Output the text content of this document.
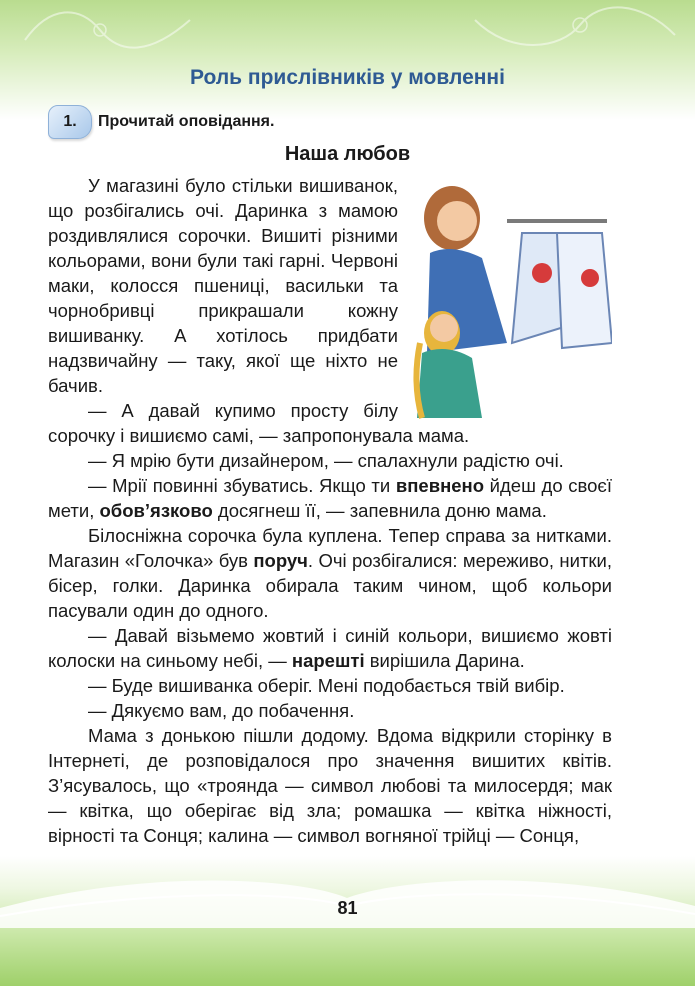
Роль прислівників у мовленні
1.	Прочитай оповідання.
Наша любов

У магазині було стільки вишиванок, що розбігались очі. Даринка з мамою роздивлялися сорочки. Вишиті різними кольорами, вони були такі гарні. Червоні маки, колосся пшениці, васильки та чорнобривці прикрашали кожну вишиванку. А хотілось придбати надзвичайну — таку, якої ще ніхто не бачив.

— А давай купимо просту білу сорочку і вишиємо самі, — запропонувала мама.

— Я мрію бути дизайнером, — спалахнули радістю очі.

— Мрії повинні збуватись. Якщо ти впевнено йдеш до своєї мети, обов’язково досягнеш її, — запевнила доню мама.

Білосніжна сорочка була куплена. Тепер справа за нитками. Магазин «Голочка» був поруч. Очі розбігалися: мереживо, нитки, бісер, голки. Даринка обирала таким чином, щоб кольори пасували один до одного.

— Давай візьмемо жовтий і синій кольори, вишиємо жовті колоски на синьому небі, — нарешті вирішила Дарина.

— Буде вишиванка оберіг. Мені подобається твій вибір.

— Дякуємо вам, до побачення.

Мама з донькою пішли додому. Вдома відкрили сторінку в Інтернеті, де розповідалося про значення вишитих квітів. З’ясувалось, що «троянда — символ любові та милосердя; мак — квітка, що оберігає від зла; ромашка — квітка ніжності, вірності та Сонця; калина — символ вогняної трійці — Сонця,

81
